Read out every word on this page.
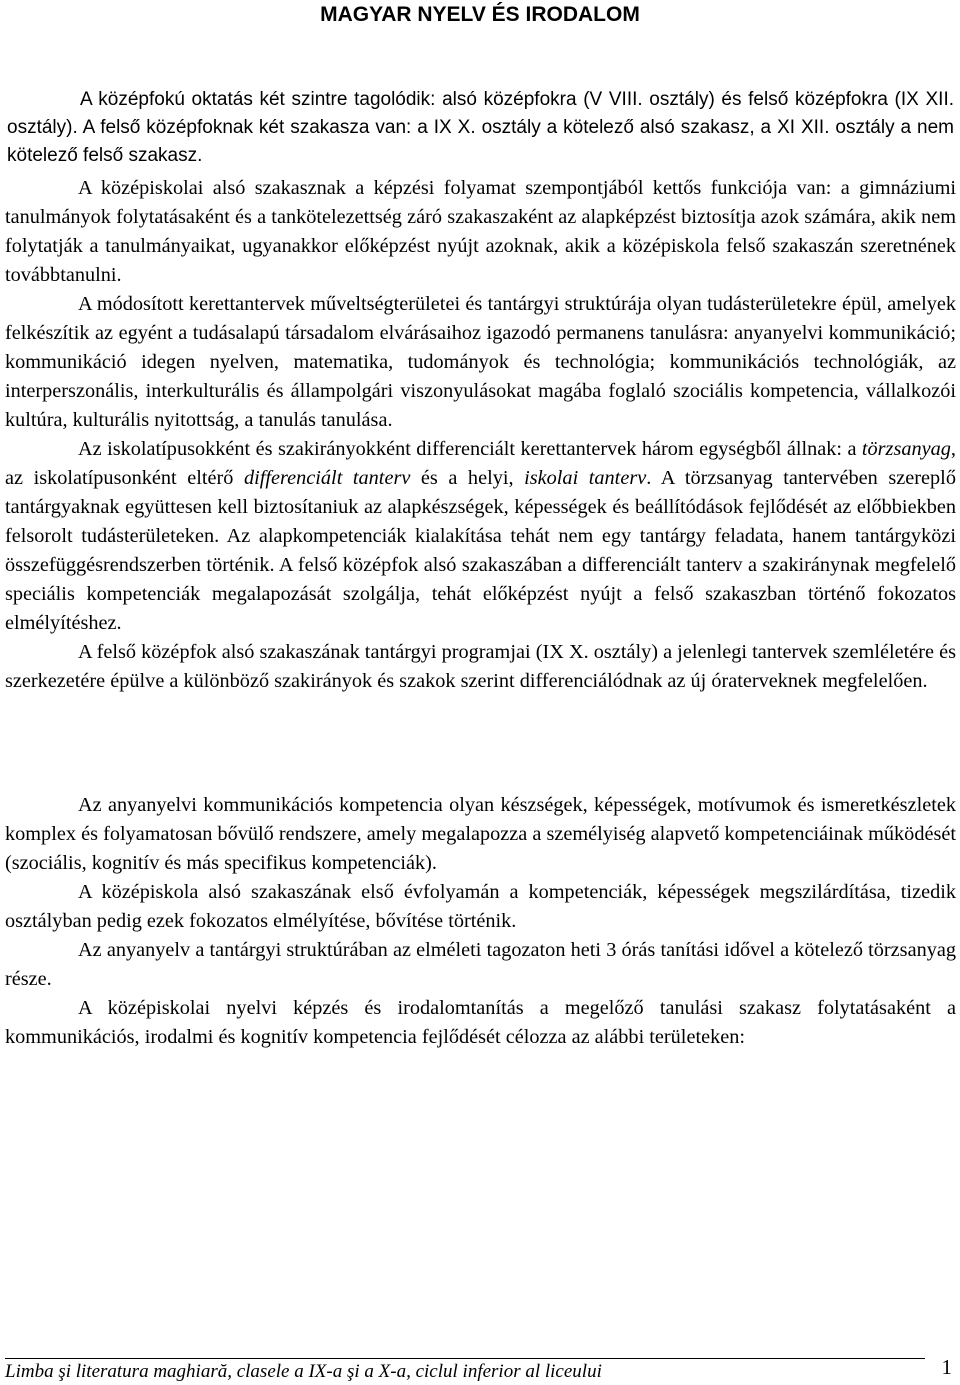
MAGYAR NYELV ÉS IRODALOM

A középfokú oktatás két szintre tagolódik: alsó középfokra (V VIII. osztály) és felső középfokra (IX XII. osztály). A felső középfoknak két szakasza van: a IX X. osztály a kötelező alsó szakasz, a XI XII. osztály a nem kötelező felső szakasz.

A középiskolai alsó szakasznak a képzési folyamat szempontjából kettős funkciója van: a gimnáziumi tanulmányok folytatásaként és a tankötelezettség záró szakaszaként az alapképzést biztosítja azok számára, akik nem folytatják a tanulmányaikat, ugyanakkor előképzést nyújt azoknak, akik a középiskola felső szakaszán szeretnének továbbtanulni.

A módosított kerettantervek műveltségterületei és tantárgyi struktúrája olyan tudásterületekre épül, amelyek felkészítik az egyént a tudásalapú társadalom elvárásaihoz igazodó permanens tanulásra: anyanyelvi kommunikáció; kommunikáció idegen nyelven, matematika, tudományok és technológia; kommunikációs technológiák, az interperszonális, interkulturális és állampolgári viszonyulásokat magába foglaló szociális kompetencia, vállalkozói kultúra, kulturális nyitottság, a tanulás tanulása.

Az iskolatípusokként és szakirányokként differenciált kerettantervek három egységből állnak: a törzsanyag, az iskolatípusonként eltérő differenciált tanterv és a helyi, iskolai tanterv. A törzsanyag tantervében szereplő tantárgyaknak együttesen kell biztosítaniuk az alapkészségek, képességek és beállítódások fejlődését az előbbiekben felsorolt tudásterületeken. Az alapkompetenciák kialakítása tehát nem egy tantárgy feladata, hanem tantárgyközi összefüggésrendszerben történik. A felső középfok alsó szakaszában a differenciált tanterv a szakiránynak megfelelő speciális kompetenciák megalapozását szolgálja, tehát előképzést nyújt a felső szakaszban történő fokozatos elmélyítéshez.

A felső középfok alsó szakaszának tantárgyi programjai (IX X. osztály) a jelenlegi tantervek szemléletére és szerkezetére épülve a különböző szakirányok és szakok szerint differenciálódnak az új óraterveknek megfelelően.

Az anyanyelvi kommunikációs kompetencia olyan készségek, képességek, motívumok és ismeretkészletek komplex és folyamatosan bővülő rendszere, amely megalapozza a személyiség alapvető kompetenciáinak működését (szociális, kognitív és más specifikus kompetenciák).

A középiskola alsó szakaszának első évfolyamán a kompetenciák, képességek megszilárdítása, tizedik osztályban pedig ezek fokozatos elmélyítése, bővítése történik.

Az anyanyelv a tantárgyi struktúrában az elméleti tagozaton heti 3 órás tanítási idővel a kötelező törzsanyag része.

A középiskolai nyelvi képzés és irodalomtanítás a megelőző tanulási szakasz folytatásaként a kommunikációs, irodalmi és kognitív kompetencia fejlődését célozza az alábbi területeken:

Limba şi literatura maghiară, clasele a IX-a şi a X-a, ciclul inferior al liceului	1
